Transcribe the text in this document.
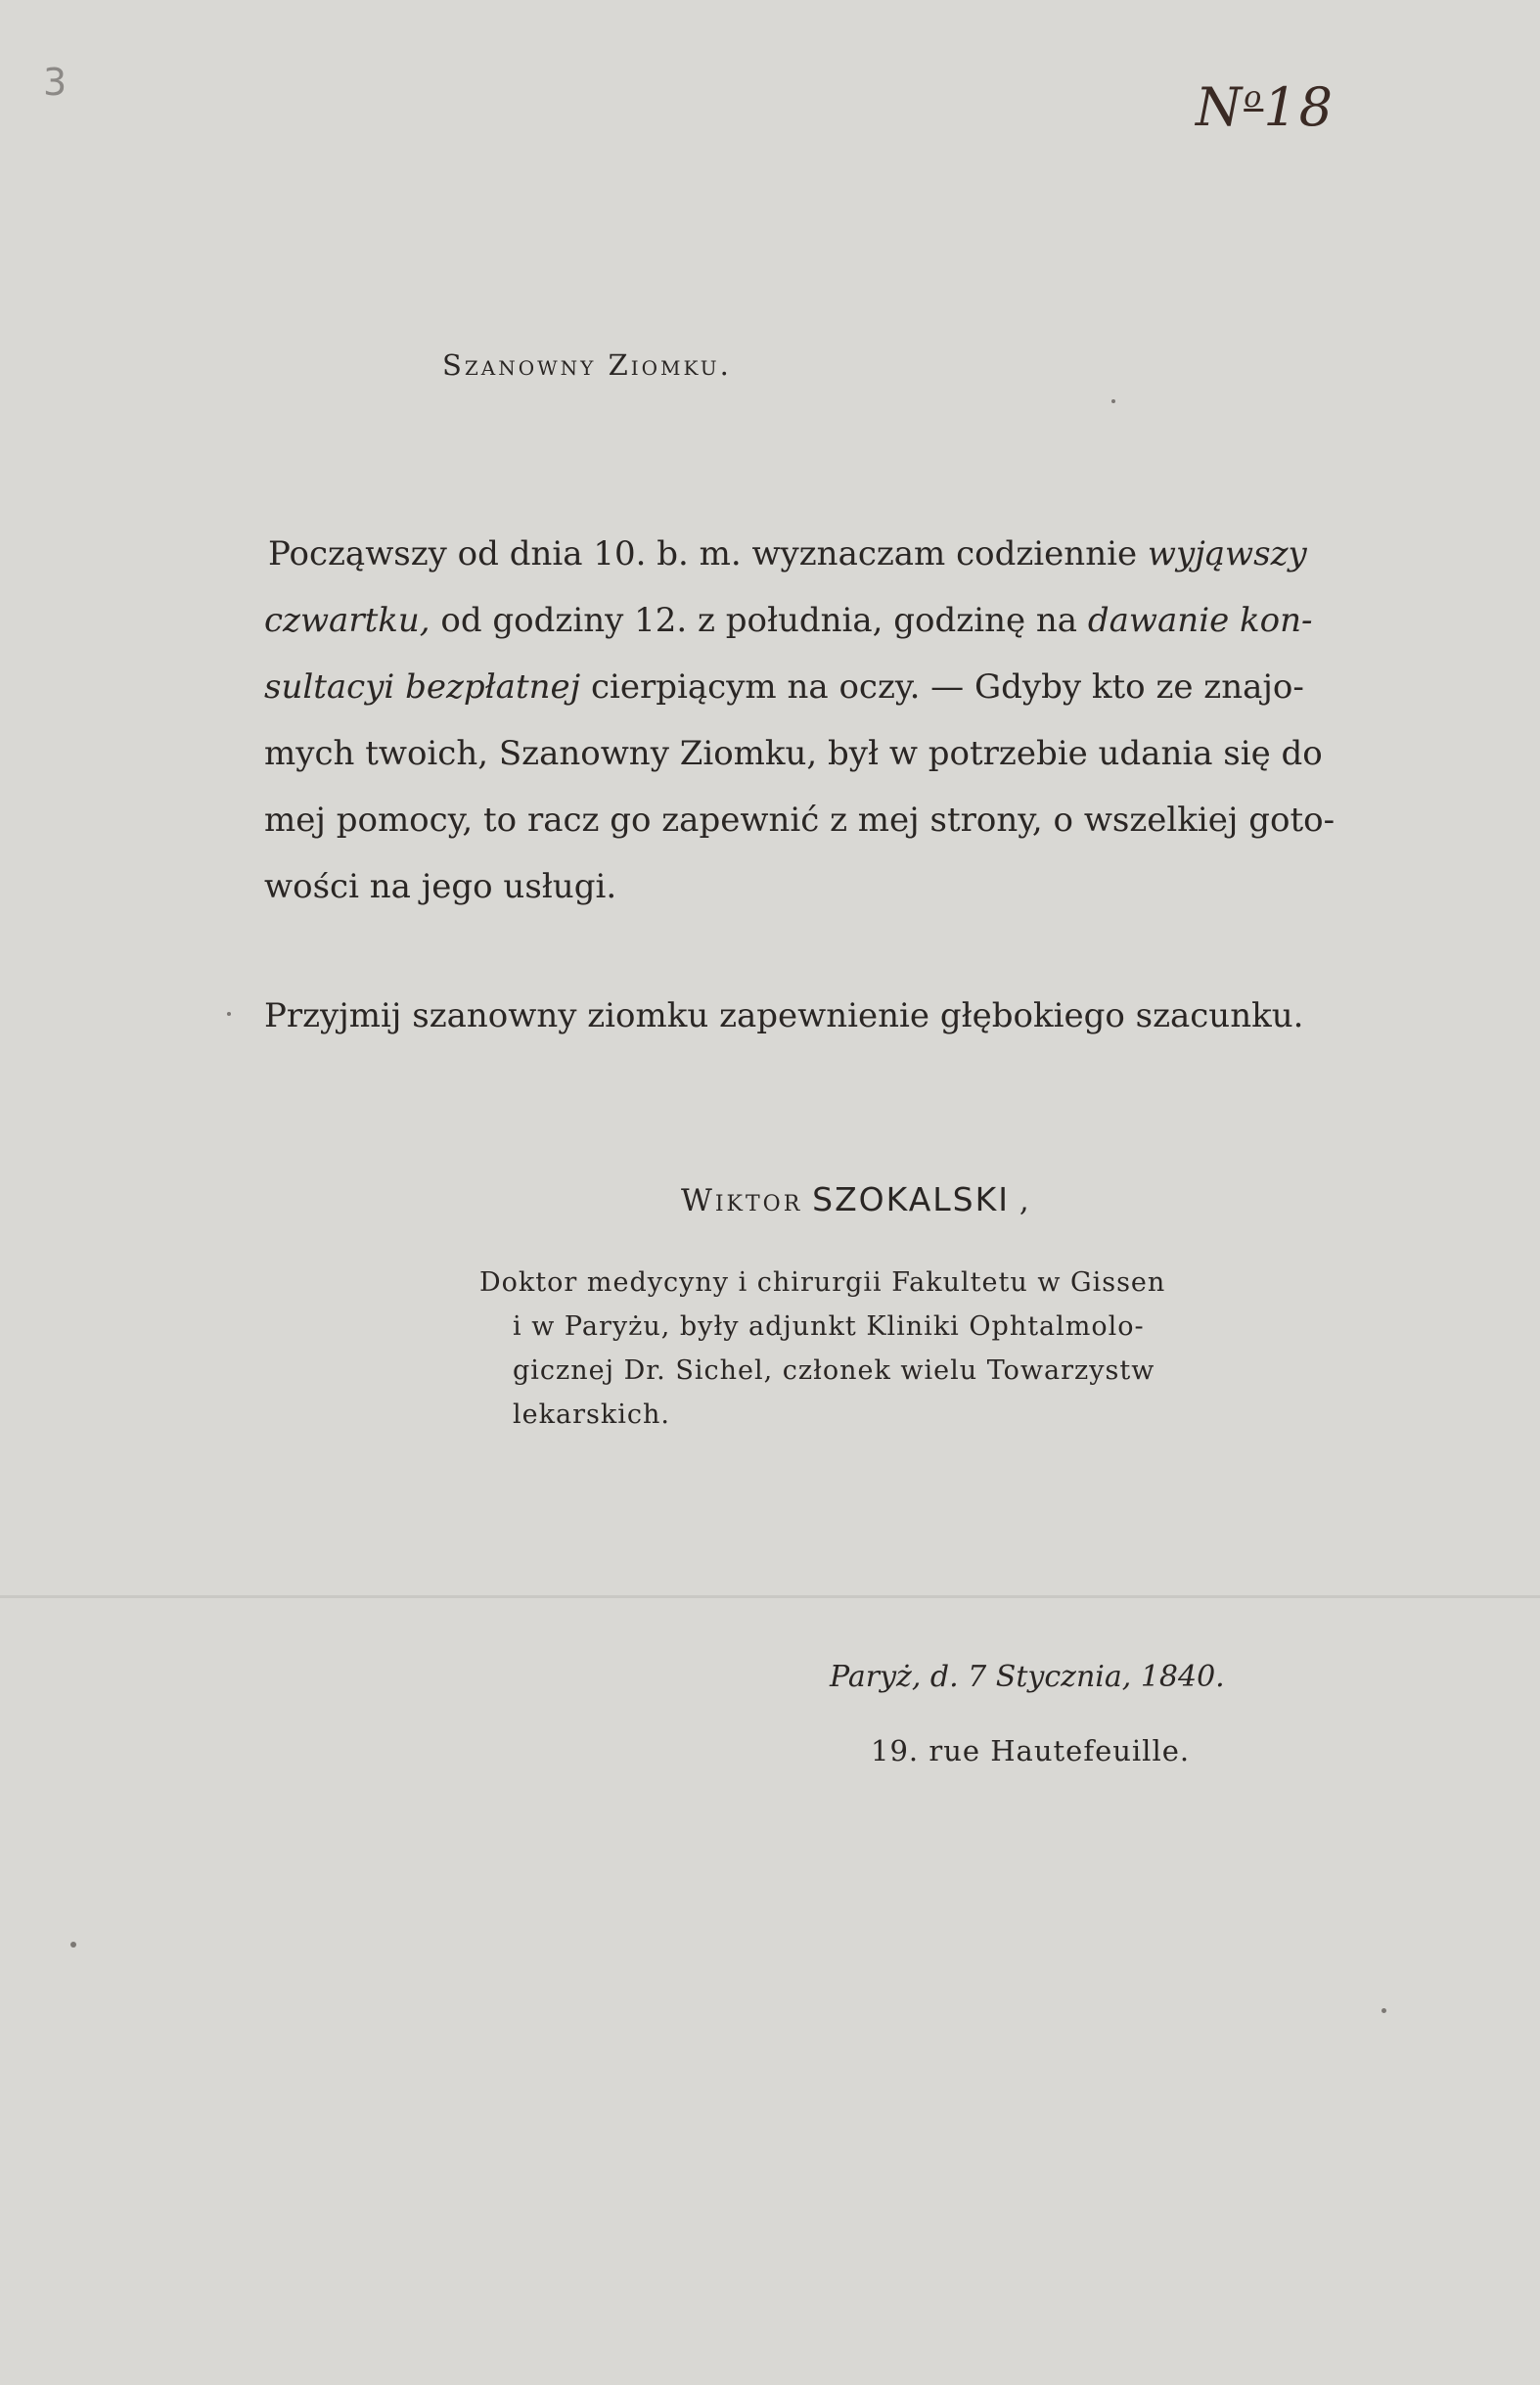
3	$N^o18$

Szanowny Ziomku.

Począwszy od dnia 10. b. m. wyznaczam codziennie wyjąwszy
czwartku, od godziny 12. z południa, godzinę na dawanie kon-
sultacyi bezpłatnej cierpiącym na oczy. — Gdyby kto ze znajo-
mych twoich, Szanowny Ziomku, był w potrzebie udania się do
mej pomocy, to racz go zapewnić z mej strony, o wszelkiej goto-
wości na jego usługi.

Przyjmij szanowny ziomku zapewnienie głębokiego szacunku.

Wiktor SZOKALSKI ,

Doktor medycyny i chirurgii Fakultetu w Gissen
i w Paryżu, były adjunkt Kliniki Ophtalmolo-
gicznej Dr. Sichel, członek wielu Towarzystw
lekarskich.

Paryż, d. 7 Stycznia, 1840.

19. rue Hautefeuille.
